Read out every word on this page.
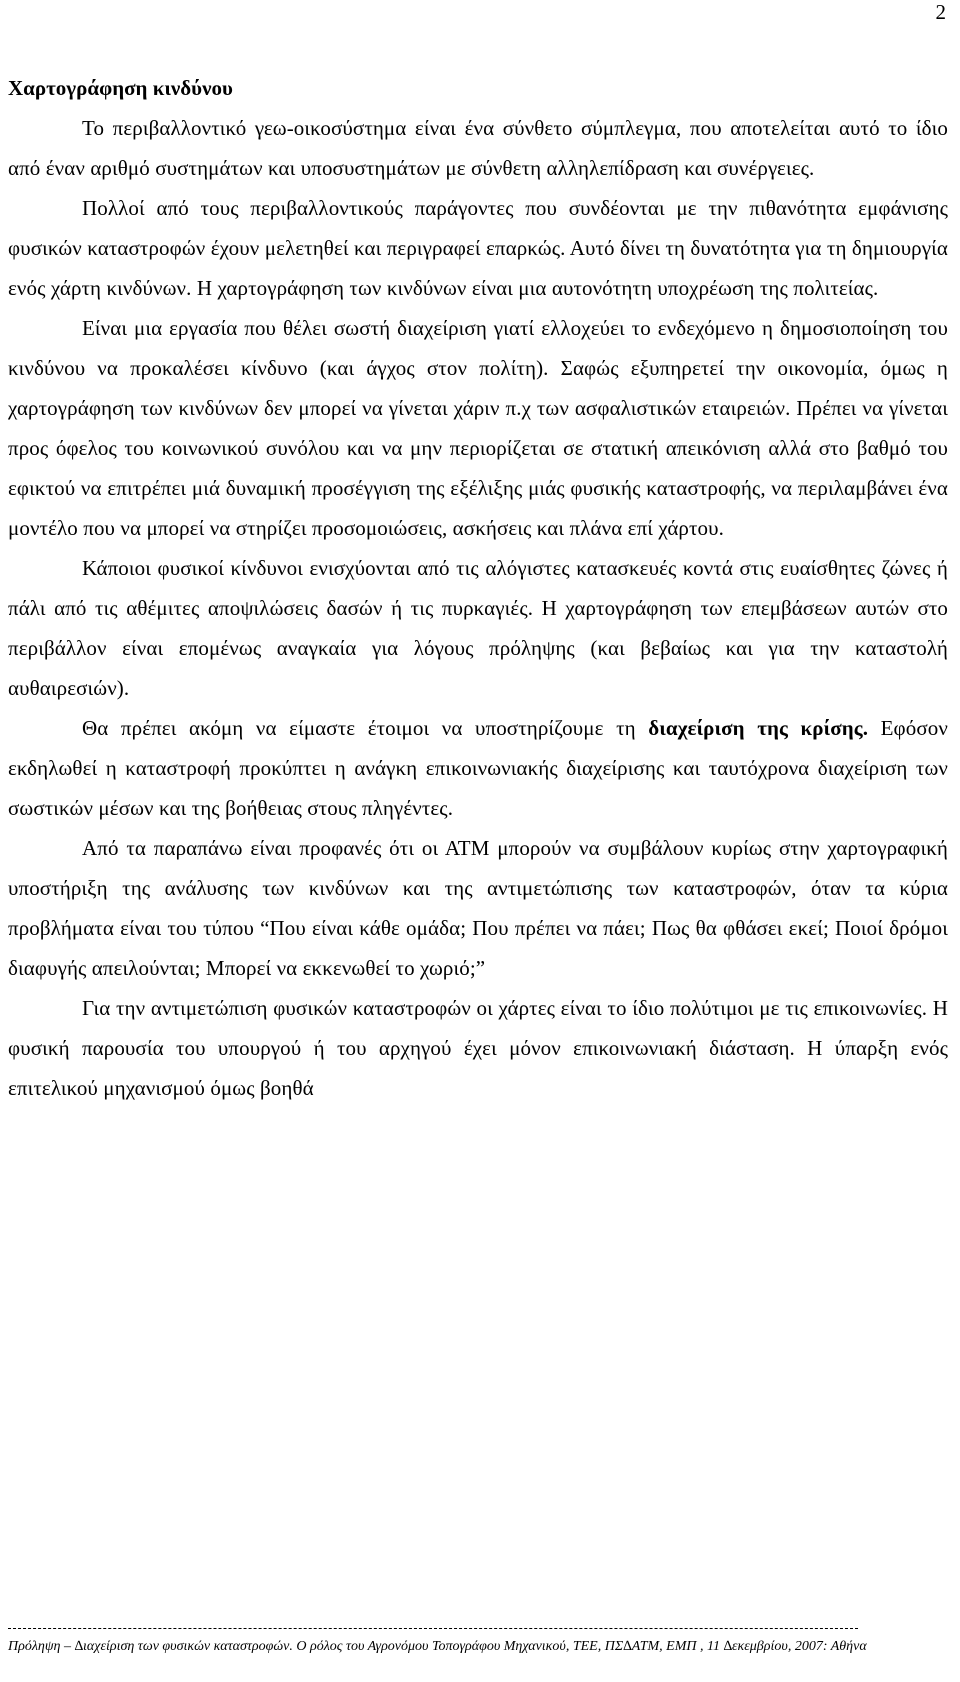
2
Χαρτογράφηση κινδύνου

Το περιβαλλοντικό γεω-οικοσύστημα είναι ένα σύνθετο σύμπλεγμα, που αποτελείται αυτό το ίδιο από έναν αριθμό συστημάτων και υποσυστημάτων με σύνθετη αλληλεπίδραση και συνέργειες.

Πολλοί από τους περιβαλλοντικούς παράγοντες που συνδέονται με την πιθανότητα εμφάνισης φυσικών καταστροφών έχουν μελετηθεί και περιγραφεί επαρκώς. Αυτό δίνει τη δυνατότητα για τη δημιουργία ενός χάρτη κινδύνων. Η χαρτογράφηση των κινδύνων είναι μια αυτονότητη υποχρέωση της πολιτείας.

Είναι μια εργασία που θέλει σωστή διαχείριση γιατί ελλοχεύει το ενδεχόμενο η δημοσιοποίηση του κινδύνου να προκαλέσει κίνδυνο (και άγχος στον πολίτη). Σαφώς εξυπηρετεί την οικονομία, όμως η χαρτογράφηση των κινδύνων δεν μπορεί να γίνεται χάριν π.χ των ασφαλιστικών εταιρειών. Πρέπει να γίνεται προς όφελος του κοινωνικού συνόλου και να μην περιορίζεται σε στατική απεικόνιση αλλά στο βαθμό του εφικτού να επιτρέπει μιά δυναμική προσέγγιση της εξέλιξης μιάς φυσικής καταστροφής, να περιλαμβάνει ένα μοντέλο που να μπορεί να στηρίζει προσομοιώσεις, ασκήσεις και πλάνα επί χάρτου.

Κάποιοι φυσικοί κίνδυνοι ενισχύονται από τις αλόγιστες κατασκευές κοντά στις ευαίσθητες ζώνες ή πάλι από τις αθέμιτες αποψιλώσεις δασών ή τις πυρκαγιές. Η χαρτογράφηση των επεμβάσεων αυτών στο περιβάλλον είναι επομένως αναγκαία για λόγους πρόληψης (και βεβαίως και για την καταστολή αυθαιρεσιών).

Θα πρέπει ακόμη να είμαστε έτοιμοι να υποστηρίζουμε τη διαχείριση της κρίσης. Εφόσον εκδηλωθεί η καταστροφή προκύπτει η ανάγκη επικοινωνιακής διαχείρισης και ταυτόχρονα διαχείριση των σωστικών μέσων και της βοήθειας στους πληγέντες.

Από τα παραπάνω είναι προφανές ότι οι ΑΤΜ μπορούν να συμβάλουν κυρίως στην χαρτογραφική υποστήριξη της ανάλυσης των κινδύνων και της αντιμετώπισης των καταστροφών, όταν τα κύρια προβλήματα είναι του τύπου “Που είναι κάθε ομάδα; Που πρέπει να πάει; Πως θα φθάσει εκεί; Ποιοί δρόμοι διαφυγής απειλούνται; Μπορεί να εκκενωθεί το χωριό;”

Για την αντιμετώπιση φυσικών καταστροφών οι χάρτες είναι το ίδιο πολύτιμοι με τις επικοινωνίες. Η φυσική παρουσία του υπουργού ή του αρχηγού έχει μόνον επικοινωνιακή διάσταση. Η ύπαρξη ενός επιτελικού μηχανισμού όμως βοηθά

Πρόληψη – ∆ιαχείριση των φυσικών καταστροφών. Ο ρόλος του Αγρονόμου Τοπογράφου Μηχανικού, ΤΕΕ, ΠΣ∆ΑΤΜ, ΕΜΠ , 11 ∆εκεμβρίου, 2007: Αθήνα
